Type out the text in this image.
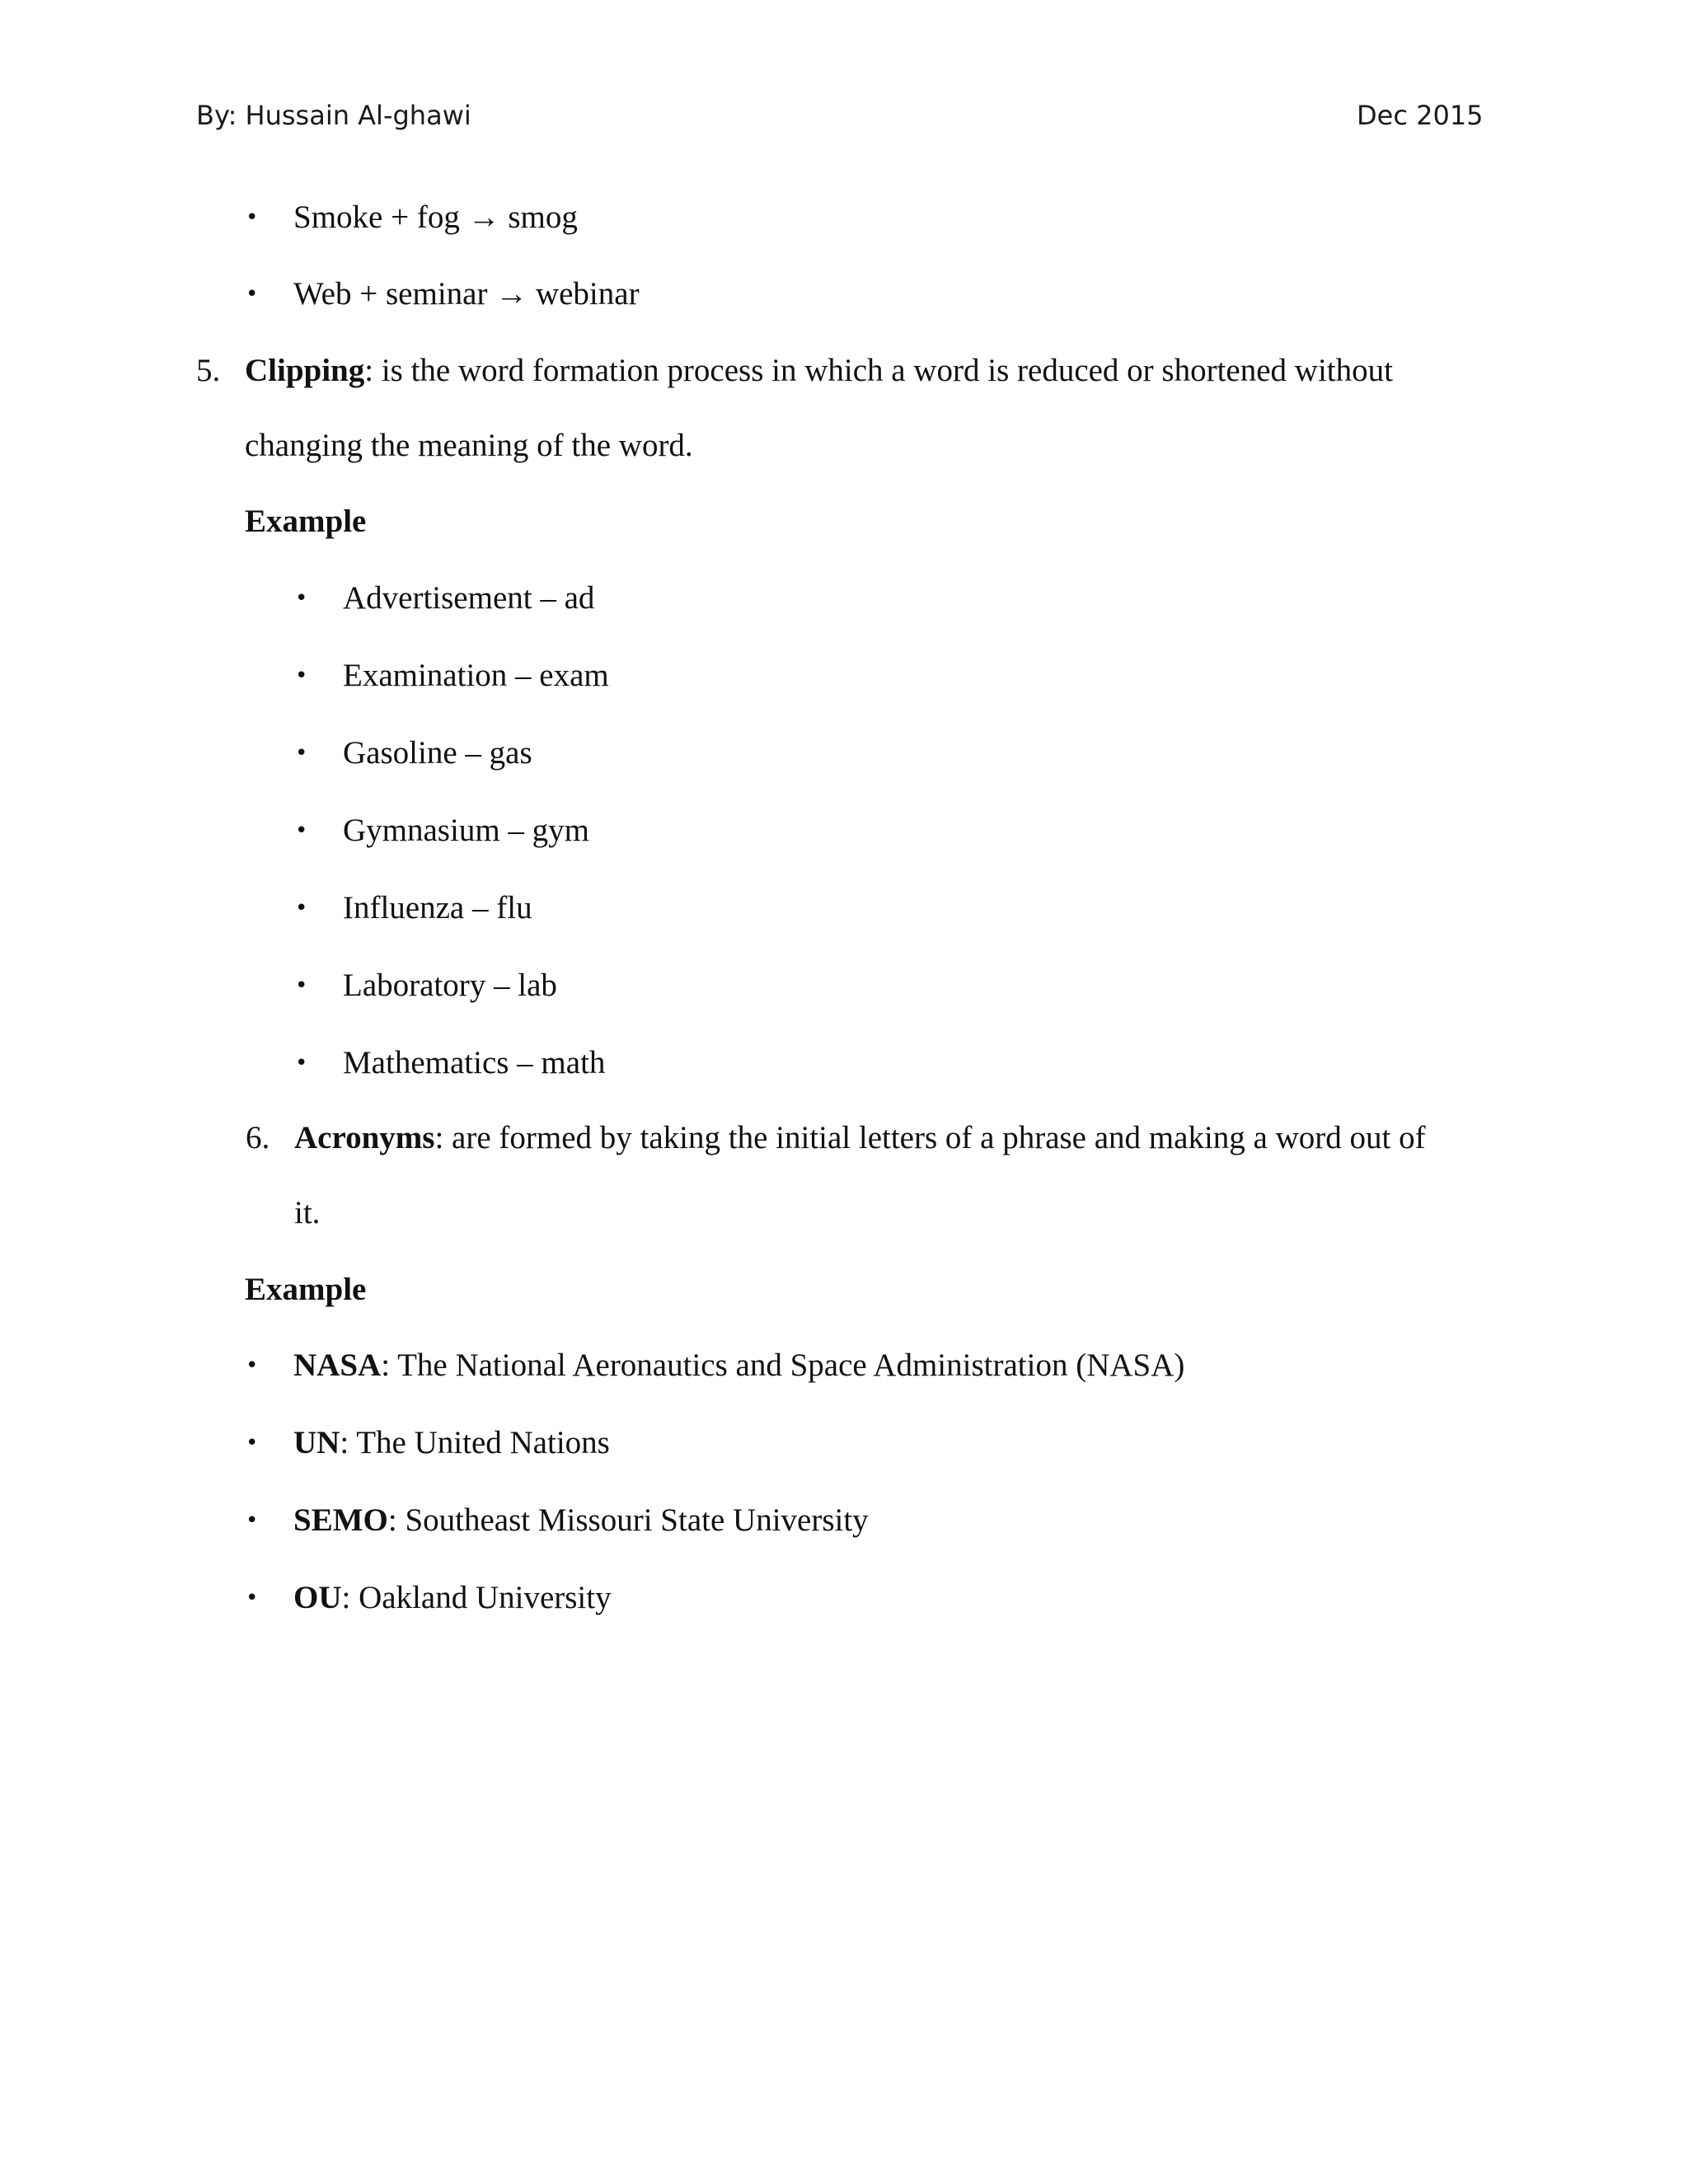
By: Hussain Al-ghawi	Dec 2015
• Smoke + fog → smog
• Web + seminar → webinar
5. Clipping: is the word formation process in which a word is reduced or shortened without
changing the meaning of the word.
Example
• Advertisement – ad
• Examination – exam
• Gasoline – gas
• Gymnasium – gym
• Influenza – flu
• Laboratory – lab
• Mathematics – math
6. Acronyms: are formed by taking the initial letters of a phrase and making a word out of
it.
Example
• NASA: The National Aeronautics and Space Administration (NASA)
• UN: The United Nations
• SEMO: Southeast Missouri State University
• OU: Oakland University
